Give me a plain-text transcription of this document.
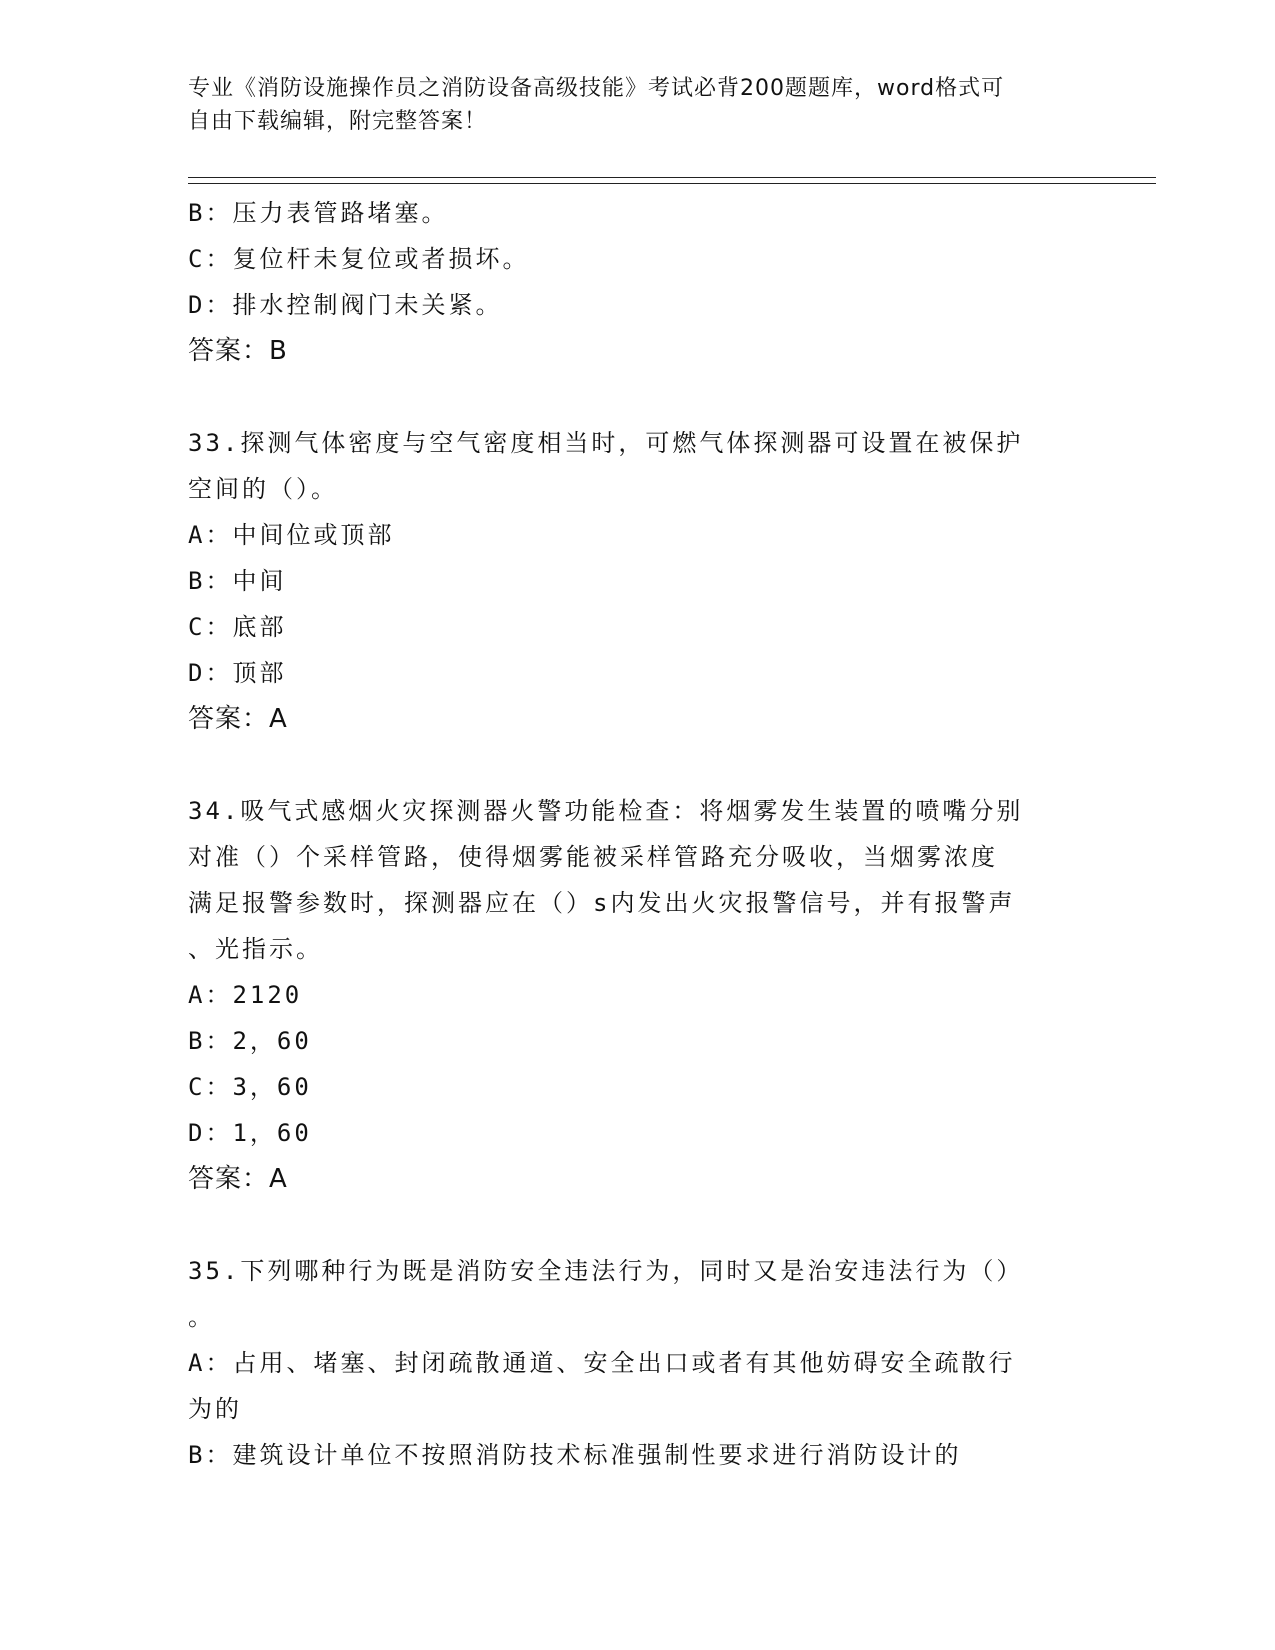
专业《消防设施操作员之消防设备高级技能》考试必背200题题库，word格式可
自由下载编辑，附完整答案！
B：压力表管路堵塞。
C：复位杆未复位或者损坏。
D：排水控制阀门未关紧。
答案：B
33.探测气体密度与空气密度相当时，可燃气体探测器可设置在被保护
空间的（）。
A：中间位或顶部
B：中间
C：底部
D：顶部
答案：A
34.吸气式感烟火灾探测器火警功能检查：将烟雾发生装置的喷嘴分别
对准（）个采样管路，使得烟雾能被采样管路充分吸收，当烟雾浓度
满足报警参数时，探测器应在（）s内发出火灾报警信号，并有报警声
、光指示。
A：2120
B：2，60
C：3，60
D：1，60
答案：A
35.下列哪种行为既是消防安全违法行为，同时又是治安违法行为（）
。
A：占用、堵塞、封闭疏散通道、安全出口或者有其他妨碍安全疏散行
为的
B：建筑设计单位不按照消防技术标准强制性要求进行消防设计的
